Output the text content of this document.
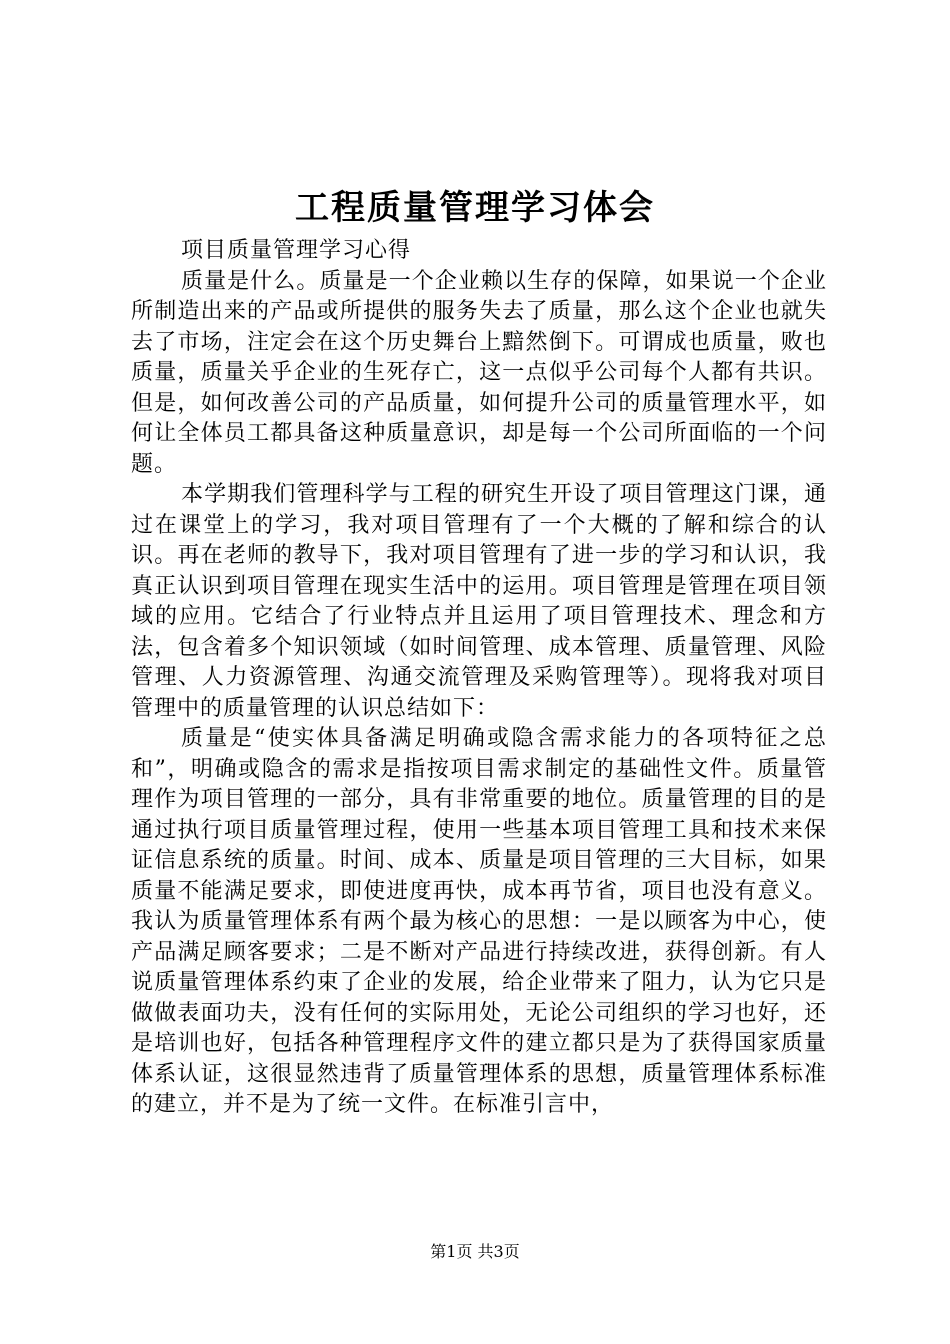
工程质量管理学习体会

项目质量管理学习心得

质量是什么。质量是一个企业赖以生存的保障，如果说一个企业所制造出来的产品或所提供的服务失去了质量，那么这个企业也就失去了市场，注定会在这个历史舞台上黯然倒下。可谓成也质量，败也质量，质量关乎企业的生死存亡，这一点似乎公司每个人都有共识。但是，如何改善公司的产品质量，如何提升公司的质量管理水平，如何让全体员工都具备这种质量意识，却是每一个公司所面临的一个问题。

本学期我们管理科学与工程的研究生开设了项目管理这门课，通过在课堂上的学习，我对项目管理有了一个大概的了解和综合的认识。再在老师的教导下，我对项目管理有了进一步的学习和认识，我真正认识到项目管理在现实生活中的运用。项目管理是管理在项目领域的应用。它结合了行业特点并且运用了项目管理技术、理念和方法，包含着多个知识领域（如时间管理、成本管理、质量管理、风险管理、人力资源管理、沟通交流管理及采购管理等）。现将我对项目管理中的质量管理的认识总结如下：

质量是“使实体具备满足明确或隐含需求能力的各项特征之总和”，明确或隐含的需求是指按项目需求制定的基础性文件。质量管理作为项目管理的一部分，具有非常重要的地位。质量管理的目的是通过执行项目质量管理过程，使用一些基本项目管理工具和技术来保证信息系统的质量。时间、成本、质量是项目管理的三大目标，如果质量不能满足要求，即使进度再快，成本再节省，项目也没有意义。我认为质量管理体系有两个最为核心的思想：一是以顾客为中心，使产品满足顾客要求；二是不断对产品进行持续改进，获得创新。有人说质量管理体系约束了企业的发展，给企业带来了阻力，认为它只是做做表面功夫，没有任何的实际用处，无论公司组织的学习也好，还是培训也好，包括各种管理程序文件的建立都只是为了获得国家质量体系认证，这很显然违背了质量管理体系的思想，质量管理体系标准的建立，并不是为了统一文件。在标准引言中，

第1页 共3页
